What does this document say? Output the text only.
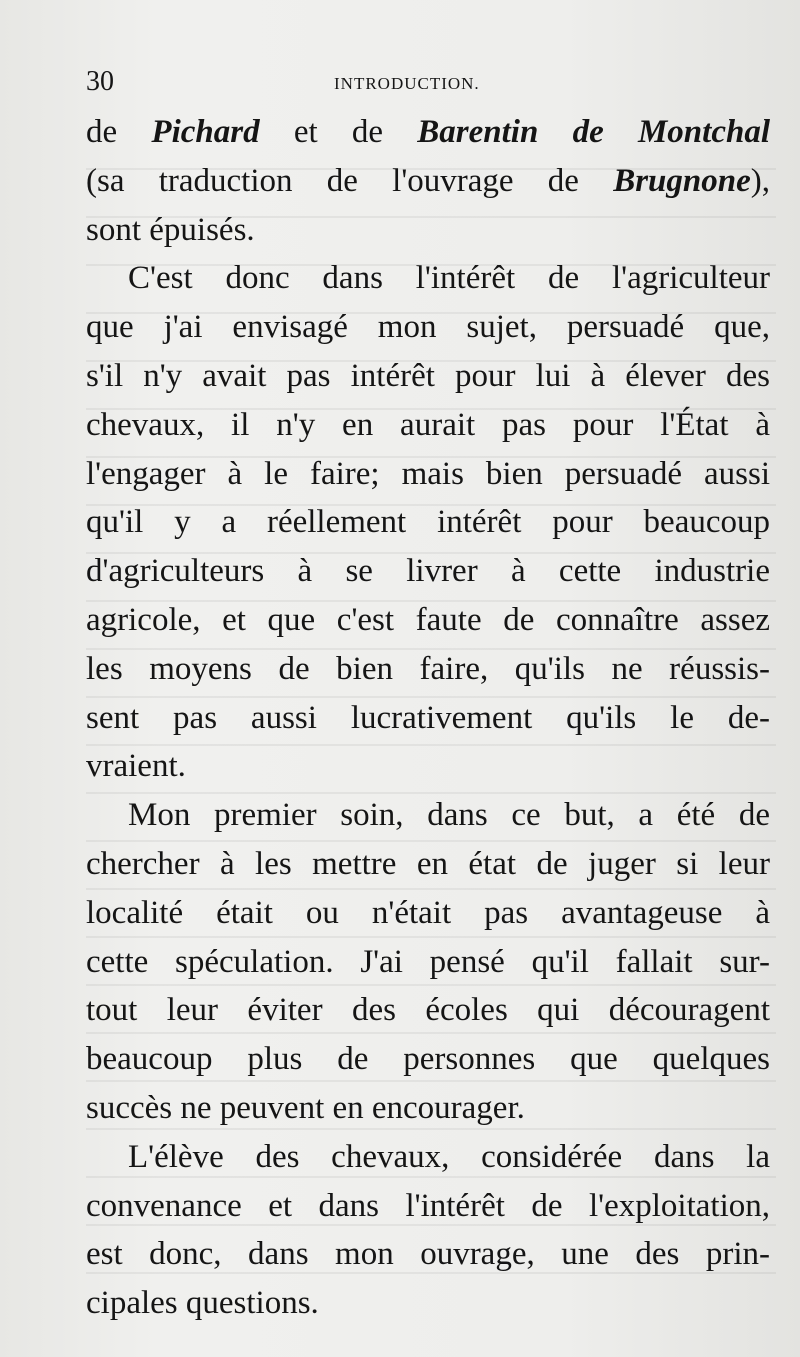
30	INTRODUCTION.
de Pichard et de Barentin de Montchal
(sa traduction de l'ouvrage de Brugnone),
sont épuisés.
C'est donc dans l'intérêt de l'agriculteur
que j'ai envisagé mon sujet, persuadé que,
s'il n'y avait pas intérêt pour lui à élever des
chevaux, il n'y en aurait pas pour l'État à
l'engager à le faire; mais bien persuadé aussi
qu'il y a réellement intérêt pour beaucoup
d'agriculteurs à se livrer à cette industrie
agricole, et que c'est faute de connaître assez
les moyens de bien faire, qu'ils ne réussis-
sent pas aussi lucrativement qu'ils le de-
vraient.
Mon premier soin, dans ce but, a été de
chercher à les mettre en état de juger si leur
localité était ou n'était pas avantageuse à
cette spéculation. J'ai pensé qu'il fallait sur-
tout leur éviter des écoles qui découragent
beaucoup plus de personnes que quelques
succès ne peuvent en encourager.
L'élève des chevaux, considérée dans la
convenance et dans l'intérêt de l'exploitation,
est donc, dans mon ouvrage, une des prin-
cipales questions.
